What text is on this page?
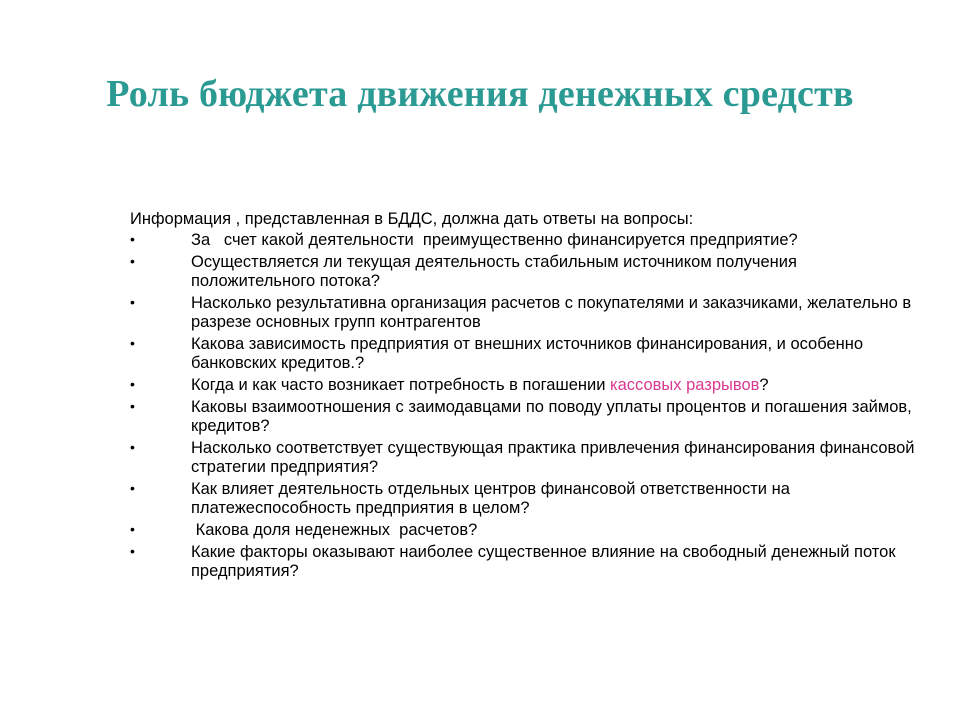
Роль бюджета движения денежных средств
Информация , представленная в БДДС, должна дать ответы на вопросы:
•	За   счет какой деятельности  преимущественно финансируется предприятие?
•	Осуществляется ли текущая деятельность стабильным источником получения положительного потока?
•	Насколько результативна организация расчетов с покупателями и заказчиками, желательно в разрезе основных групп контрагентов
•	Какова зависимость предприятия от внешних источников финансирования, и особенно банковских кредитов.?
•	Когда и как часто возникает потребность в погашении кассовых разрывов?
•	Каковы взаимоотношения с заимодавцами по поводу уплаты процентов и погашения займов, кредитов?
•	Насколько соответствует существующая практика привлечения финансирования финансовой стратегии предприятия?
•	Как влияет деятельность отдельных центров финансовой ответственности на платежеспособность предприятия в целом?
•	Какова доля неденежных  расчетов?
•	Какие факторы оказывают наиболее существенное влияние на свободный денежный поток предприятия?
